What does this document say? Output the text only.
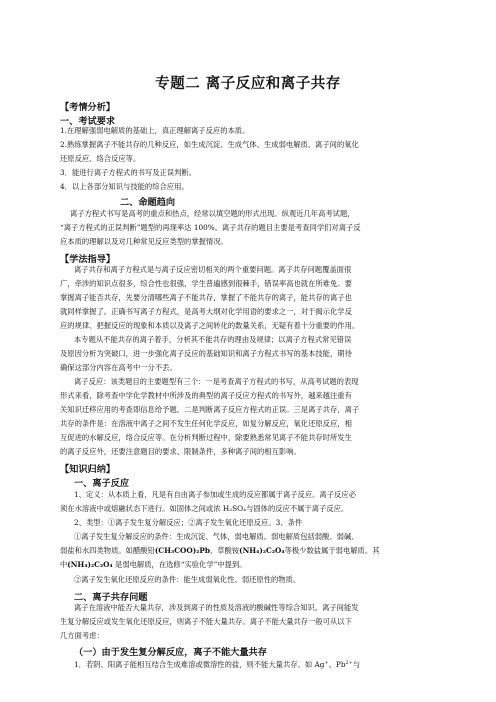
专题二 离子反应和离子共存
【考情分析】
一、考试要求
1.在理解强弱电解质的基础上，真正理解离子反应的本质。
2.熟练掌握离子不能共存的几种反应，如生成沉淀、生成气体、生成弱电解质、离子间的氧化
还原反应、络合反应等。
3．能进行离子方程式的书写及正误判断。
4．以上各部分知识与技能的综合应用。
二、命题趋向
离子方程式书写是高考的重点和热点，经常以填空题的形式出现。纵观近几年高考试题，
“离子方程式的正误判断”题型的再现率达 100%。离子共存的题目主要是考查同学们对离子反
应本质的理解以及对几种常见反应类型的掌握情况。
【学法指导】
离子共存和离子方程式是与离子反应密切相关的两个重要问题。离子共存问题覆盖面很
广，牵涉的知识点很多，综合性也很强，学生普遍感到很棘手，错误率高也就在所难免。要
掌握离子能否共存，先要分清哪些离子不能共存，掌握了不能共存的离子，能共存的离子也
就同样掌握了。正确书写离子方程式，是高考大纲对化学用语的要求之一，对于揭示化学反
应的规律、把握反应的现象和本质以及离子之间转化的数量关系，无疑有着十分重要的作用。
本专题从不能共存的离子着手，分析其不能共存的理由及规律；以离子方程式常见错误
及原因分析为突破口，进一步强化离子反应的基础知识和离子方程式书写的基本技能，期待
确保这部分内容在高考中一分不丢。
离子反应：该类题目的主要题型有三个：一是考查离子方程式的书写，从高考试题的表现
形式来看，除考查中学化学教材中所涉及的典型的离子反应方程式的书写外，越来越注重有
关知识迁移应用的考查即信息给予题。二是判断离子反应方程式的正误。三是离子共存，离子
共存的条件是：在溶液中离子之间不发生任何化学反应，如复分解反应，氧化还原反应，相
互促进的水解反应，络合反应等。在分析判断过程中，除要熟悉常见离子不能共存时所发生
的离子反应外，还要注意题目的要求、限制条件，多种离子间的相互影响。
【知识归纳】
一、离子反应
1、定义：从本质上看，凡是有自由离子参加或生成的反应都属于离子反应。离子反应必
须在水溶液中或熔融状态下进行。如固体之间或浓 H₂SO₄与固体的反应不属于离子反应。
2、类型：①离子发生复分解反应；②离子发生氧化还原反应。3、条件
①离子发生复分解反应的条件：生成沉淀、气体，弱电解质。弱电解质包括弱酸、弱碱、
弱盐和水四类物质。如醋酸铅(CH₃COO)₂Pb、草酸铵(NH₄)₂C₂O₄等极少数盐属于弱电解质。其
中(NH₄)₂C₂O₄ 是弱电解质，在选修“实验化学”中提到。
②离子发生氧化还原反应的条件：能生成弱氧化性、弱还原性的物质。
二、离子共存问题
离子在溶液中能否大量共存，涉及到离子的性质及溶液的酸碱性等综合知识。离子间能发
生复分解反应或发生氧化还原反应，则离子不能大量共存。离子不能大量共存一般可从以下
几方面考虑：
（一）由于发生复分解反应，离子不能大量共存
1．若阴、阳离子能相互结合生成难溶或微溶性的盐，则不能大量共存。如 Ag+、$Pb^{2+}$与
